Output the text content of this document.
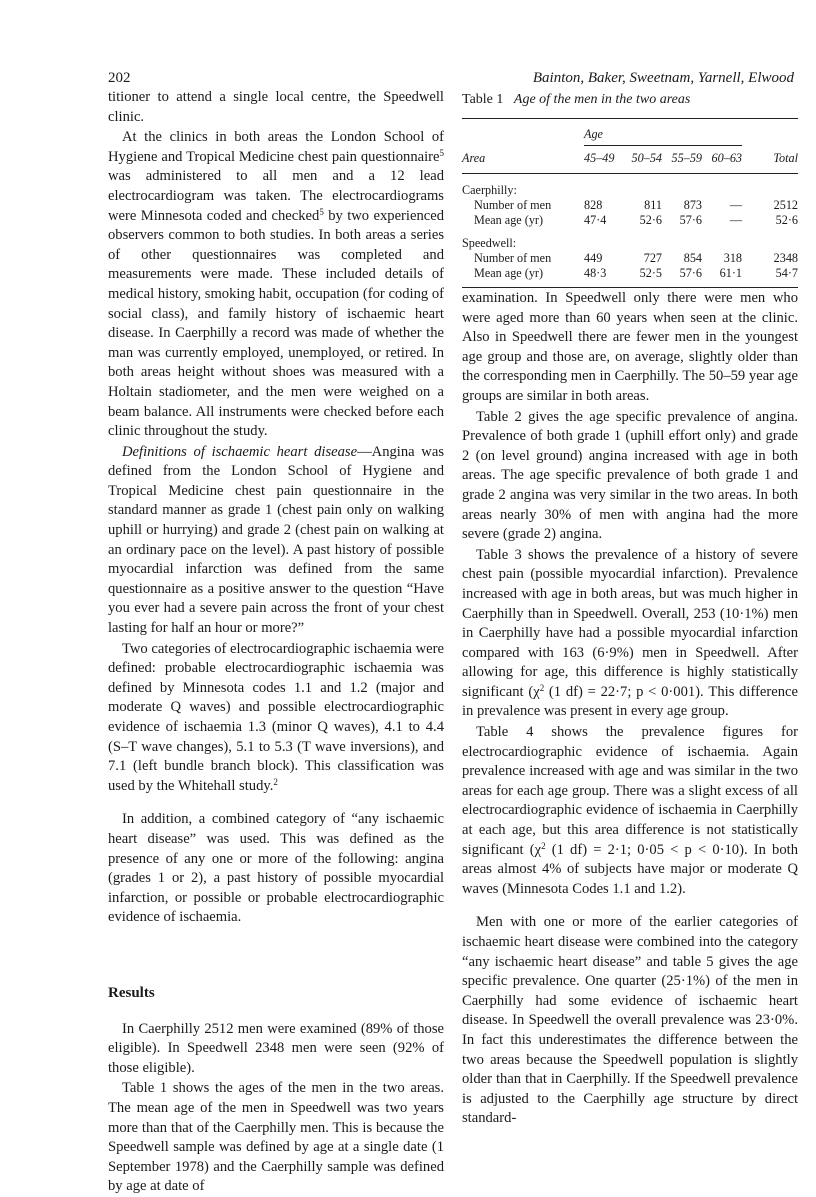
202	Bainton, Baker, Sweetnam, Yarnell, Elwood

titioner to attend a single local centre, the Speedwell clinic.

At the clinics in both areas the London School of Hygiene and Tropical Medicine chest pain questionnaire$^5$ was administered to all men and a 12 lead electrocardiogram was taken. The electrocardiograms were Minnesota coded and checked$^5$ by two experienced observers common to both studies. In both areas a series of other questionnaires was completed and measurements were made. These included details of medical history, smoking habit, occupation (for coding of social class), and family history of ischaemic heart disease. In Caerphilly a record was made of whether the man was currently employed, unemployed, or retired. In both areas height without shoes was measured with a Holtain stadiometer, and the men were weighed on a beam balance. All instruments were checked before each clinic throughout the study.

Definitions of ischaemic heart disease—Angina was defined from the London School of Hygiene and Tropical Medicine chest pain questionnaire in the standard manner as grade 1 (chest pain only on walking uphill or hurrying) and grade 2 (chest pain on walking at an ordinary pace on the level). A past history of possible myocardial infarction was defined from the same questionnaire as a positive answer to the question “Have you ever had a severe pain across the front of your chest lasting for half an hour or more?”

Two categories of electrocardiographic ischaemia were defined: probable electrocardiographic ischaemia was defined by Minnesota codes 1.1 and 1.2 (major and moderate Q waves) and possible electrocardiographic evidence of ischaemia 1.3 (minor Q waves), 4.1 to 4.4 (S–T wave changes), 5.1 to 5.3 (T wave inversions), and 7.1 (left bundle branch block). This classification was used by the Whitehall study.$^2$

In addition, a combined category of “any ischaemic heart disease” was used. This was defined as the presence of any one or more of the following: angina (grades 1 or 2), a past history of possible myocardial infarction, or possible or probable electrocardiographic evidence of ischaemia.

Results

In Caerphilly 2512 men were examined (89% of those eligible). In Speedwell 2348 men were seen (92% of those eligible).

Table 1 shows the ages of the men in the two areas. The mean age of the men in Speedwell was two years more than that of the Caerphilly men. This is because the Speedwell sample was defined by age at a single date (1 September 1978) and the Caerphilly sample was defined by age at date of

Table 1 Age of the men in the two areas

	Age				

Area	45–49	50–54	55–59	60–63	Total

Caerphilly:					
Number of men	828	811	873	—	2512
Mean age (yr)	47·4	52·6	57·6	—	52·6

Speedwell:					
Number of men	449	727	854	318	2348
Mean age (yr)	48·3	52·5	57·6	61·1	54·7

examination. In Speedwell only there were men who were aged more than 60 years when seen at the clinic. Also in Speedwell there are fewer men in the youngest age group and those are, on average, slightly older than the corresponding men in Caerphilly. The 50–59 year age groups are similar in both areas.

Table 2 gives the age specific prevalence of angina. Prevalence of both grade 1 (uphill effort only) and grade 2 (on level ground) angina increased with age in both areas. The age specific prevalence of both grade 1 and grade 2 angina was very similar in the two areas. In both areas nearly 30% of men with angina had the more severe (grade 2) angina.

Table 3 shows the prevalence of a history of severe chest pain (possible myocardial infarction). Prevalence increased with age in both areas, but was much higher in Caerphilly than in Speedwell. Overall, 253 (10·1%) men in Caerphilly have had a possible myocardial infarction compared with 163 (6·9%) men in Speedwell. After allowing for age, this difference is highly statistically significant ($\chi^2$ (1 df) = 22·7; p < 0·001). This difference in prevalence was present in every age group.

Table 4 shows the prevalence figures for electrocardiographic evidence of ischaemia. Again prevalence increased with age and was similar in the two areas for each age group. There was a slight excess of all electrocardiographic evidence of ischaemia in Caerphilly at each age, but this area difference is not statistically significant ($\chi^2$ (1 df) = 2·1; 0·05 < p < 0·10). In both areas almost 4% of subjects have major or moderate Q waves (Minnesota Codes 1.1 and 1.2).

Men with one or more of the earlier categories of ischaemic heart disease were combined into the category “any ischaemic heart disease” and table 5 gives the age specific prevalence. One quarter (25·1%) of the men in Caerphilly had some evidence of ischaemic heart disease. In Speedwell the overall prevalence was 23·0%. In fact this underestimates the difference between the two areas because the Speedwell population is slightly older than that in Caerphilly. If the Speedwell prevalence is adjusted to the Caerphilly age structure by direct standard-
